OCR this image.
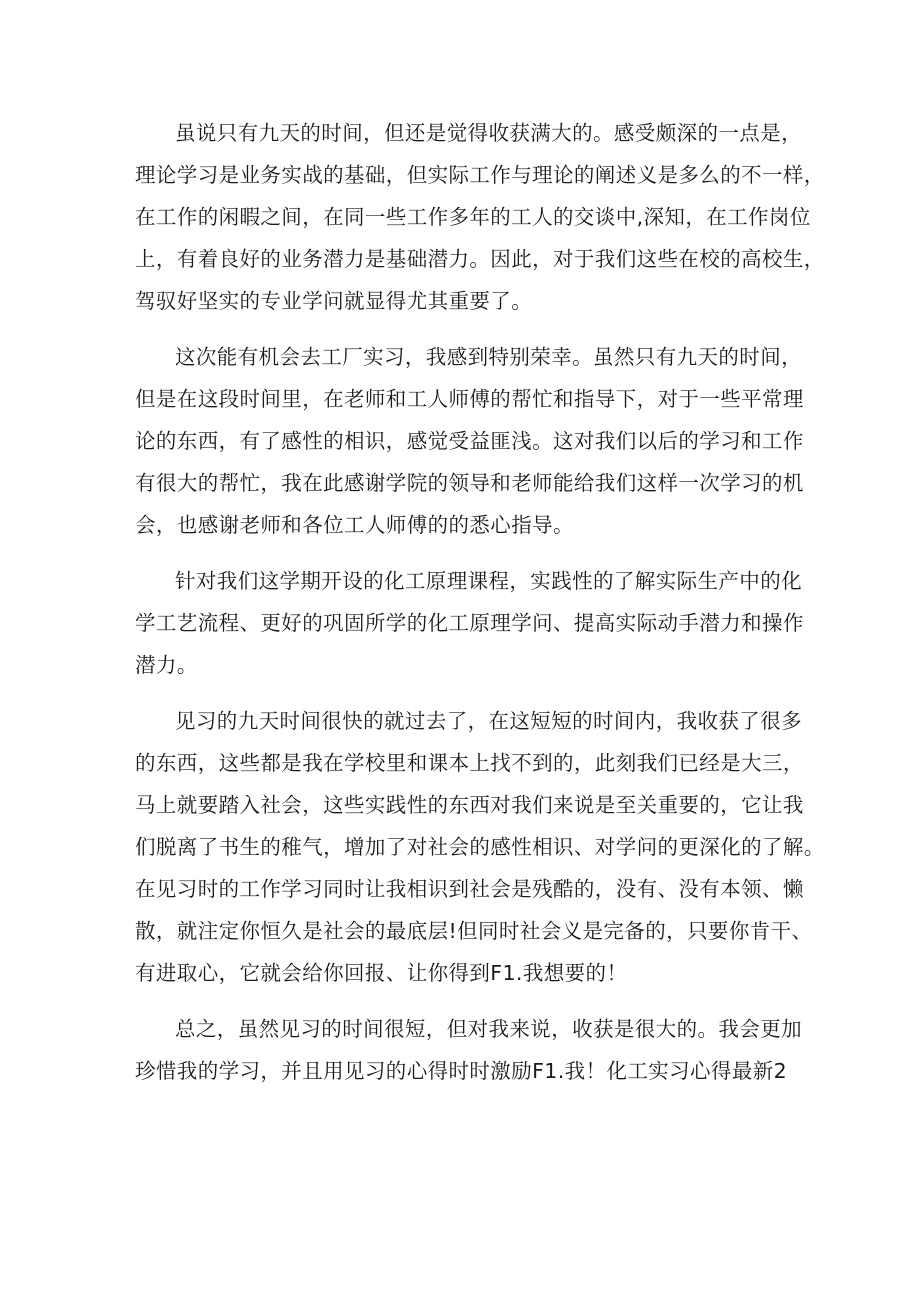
虽说只有九天的时间，但还是觉得收获满大的。感受颇深的一点是，
理论学习是业务实战的基础，但实际工作与理论的阐述义是多么的不一样，
在工作的闲暇之间，在同一些工作多年的工人的交谈中,深知，在工作岗位
上，有着良好的业务潜力是基础潜力。因此，对于我们这些在校的高校生，
驾驭好坚实的专业学问就显得尤其重要了。
这次能有机会去工厂实习，我感到特别荣幸。虽然只有九天的时间，
但是在这段时间里，在老师和工人师傅的帮忙和指导下，对于一些平常理
论的东西，有了感性的相识，感觉受益匪浅。这对我们以后的学习和工作
有很大的帮忙，我在此感谢学院的领导和老师能给我们这样一次学习的机
会，也感谢老师和各位工人师傅的的悉心指导。
针对我们这学期开设的化工原理课程，实践性的了解实际生产中的化
学工艺流程、更好的巩固所学的化工原理学问、提高实际动手潜力和操作
潜力。
见习的九天时间很快的就过去了，在这短短的时间内，我收获了很多
的东西，这些都是我在学校里和课本上找不到的，此刻我们已经是大三，
马上就要踏入社会，这些实践性的东西对我们来说是至关重要的，它让我
们脱离了书生的稚气，增加了对社会的感性相识、对学问的更深化的了解。
在见习时的工作学习同时让我相识到社会是残酷的，没有、没有本领、懒
散，就注定你恒久是社会的最底层!但同时社会义是完备的，只要你肯干、
有进取心，它就会给你回报、让你得到F1.我想要的！
总之，虽然见习的时间很短，但对我来说，收获是很大的。我会更加
珍惜我的学习，并且用见习的心得时时激励F1.我！化工实习心得最新2
